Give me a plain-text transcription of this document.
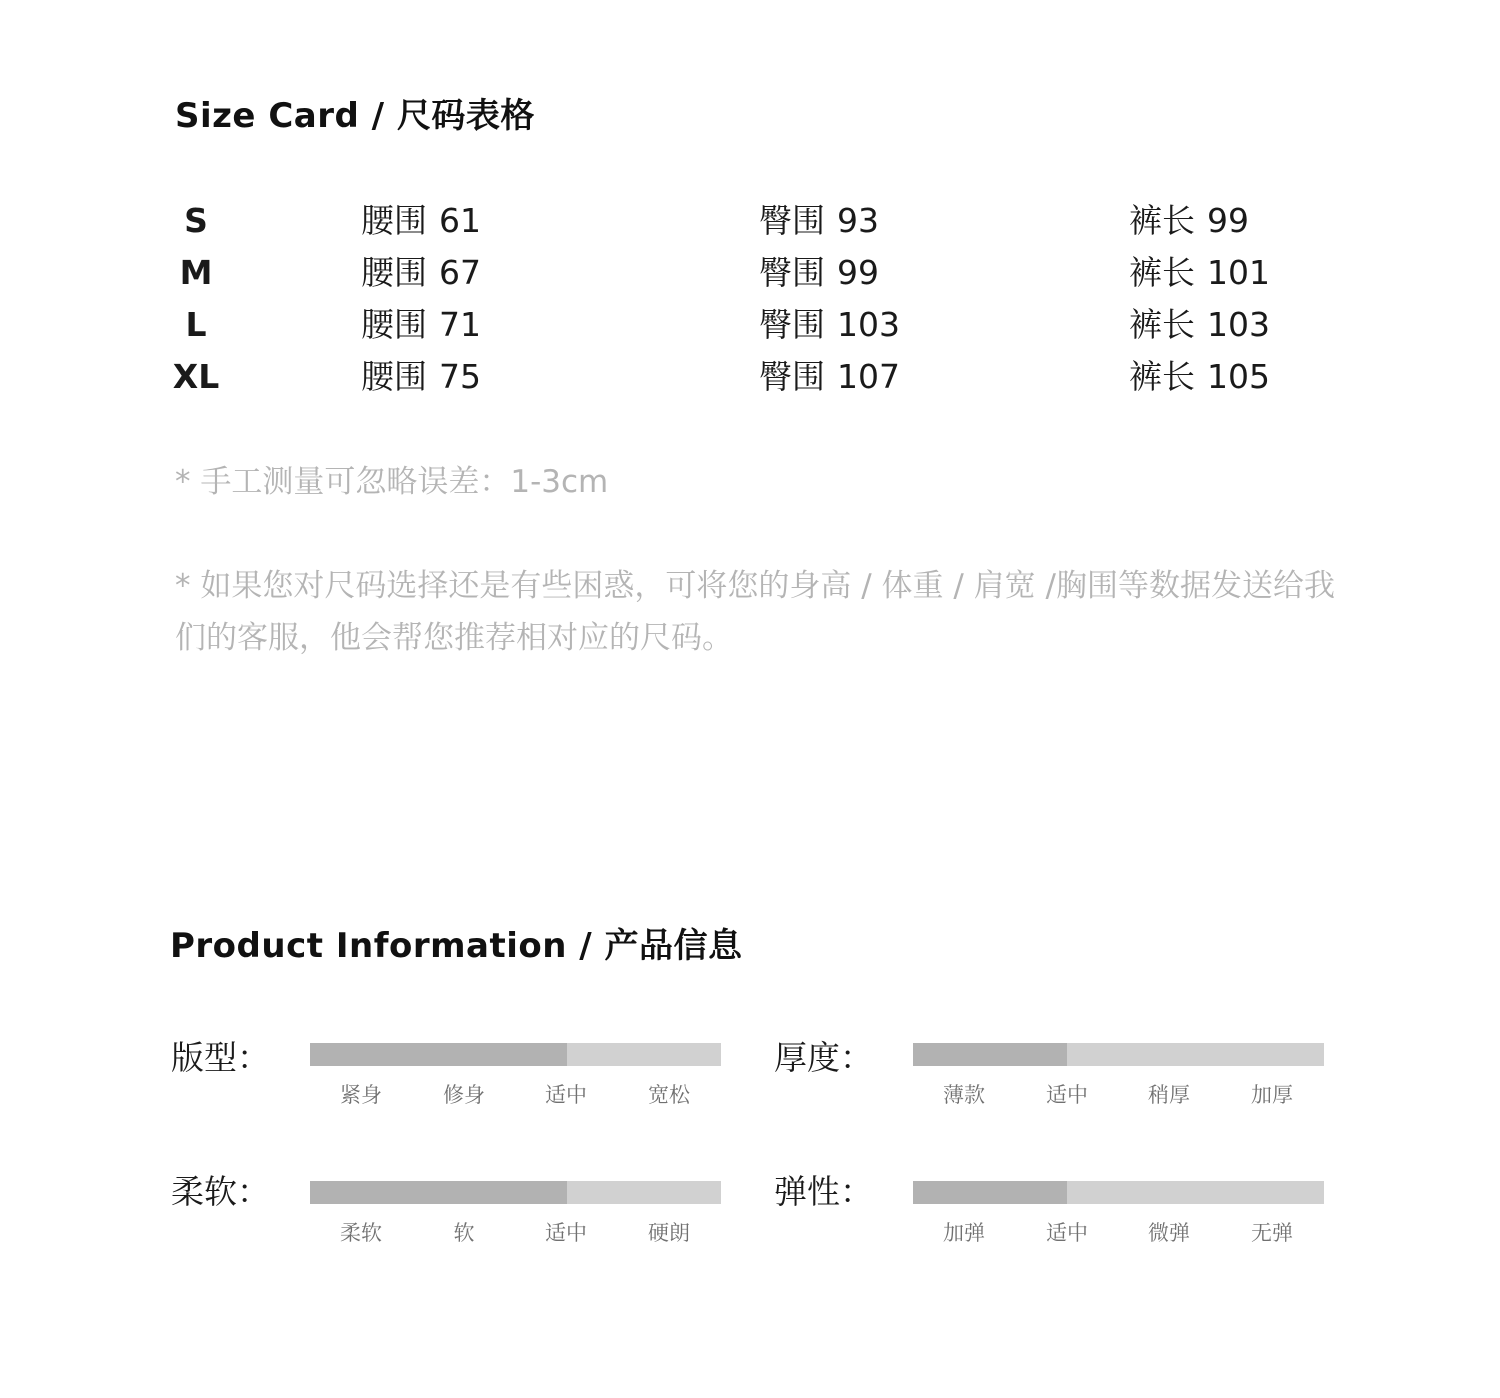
Size Card / 尺码表格
S	腰围 61	臀围 93	裤长 99
M	腰围 67	臀围 99	裤长 101
L	腰围 71	臀围 103	裤长 103
XL	腰围 75	臀围 107	裤长 105
* 手工测量可忽略误差：1-3cm
* 如果您对尺码选择还是有些困惑，可将您的身高 / 体重 / 肩宽 /胸围等数据发送给我们的客服，他会帮您推荐相对应的尺码。
Product Information / 产品信息
版型：
紧身	修身	适中	宽松
厚度：
薄款	适中	稍厚	加厚
柔软：
柔软	软	适中	硬朗
弹性：
加弹	适中	微弹	无弹
